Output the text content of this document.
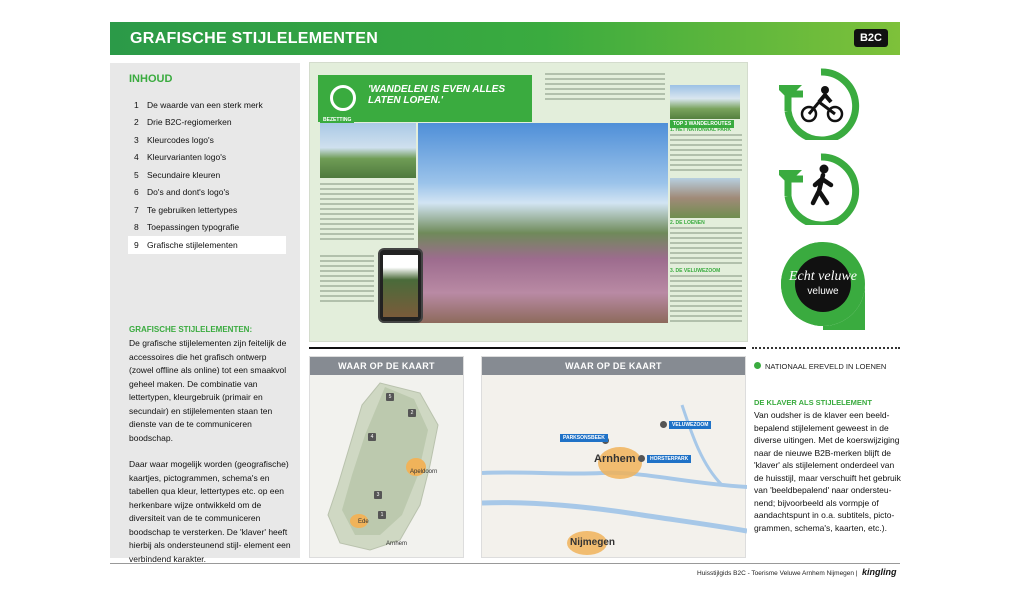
GRAFISCHE STIJLELEMENTEN	B2C
INHOUD
1 De waarde van een sterk merk
2 Drie B2C-regiomerken
3 Kleurcodes logo's
4 Kleurvarianten logo's
5 Secundaire kleuren
6 Do's and dont's logo's
7 Te gebruiken lettertypes
8 Toepassingen typografie
9 Grafische stijlelementen
GRAFISCHE STIJLELEMENTEN:

De grafische stijlelementen zijn feitelijk de accessoires die het grafisch ontwerp (zowel offline als online) tot een smaakvol geheel maken. De combinatie van lettertypen, kleurgebruik (primair en secundair) en stijlelementen staan ten dienste van de te communiceren boodschap.

Daar waar mogelijk worden (geografische) kaartjes, pictogrammen, schema's en tabellen qua kleur, lettertypes etc. op een herkenbare wijze ontwikkeld om de diversiteit van de te communiceren boodschap te versterken. De 'klaver' heeft hierbij als ondersteunend stijl- element een verbindend karakter.

'WANDELEN IS EVEN ALLES LATEN LOPEN.'
BEZETTING
TOP 3 WANDELROUTES
1. HET NATIONAAL PARK
2. DE LOENEN
3. DE VELUWEZOOM	Echt veluwe
veluwe
WAAR OP DE KAART
5
2
4
3
1
Apeldoorn
Ede
Arnhem
WAAR OP DE KAART
PARKSONSBEEK
VELUWEZOOM
HORSTERPARK
Arnhem
Nijmegen
NATIONAAL EREVELD IN LOENEN
DE KLAVER ALS STIJLELEMENT
Van oudsher is de klaver een beeld- bepalend stijlelement geweest in de diverse uitingen. Met de koerswijziging naar de nieuwe B2B-merken blijft de 'klaver' als stijlelement onderdeel van de huisstijl, maar verschuift het gebruik van 'beeldbepalend' naar ondersteu- nend; bijvoorbeeld als vormpje of aandachtspunt in o.a. subtitels, picto- grammen, schema's, kaarten, etc.).
Huisstijlgids B2C - Toerisme Veluwe Arnhem Nijmegen | kingling
